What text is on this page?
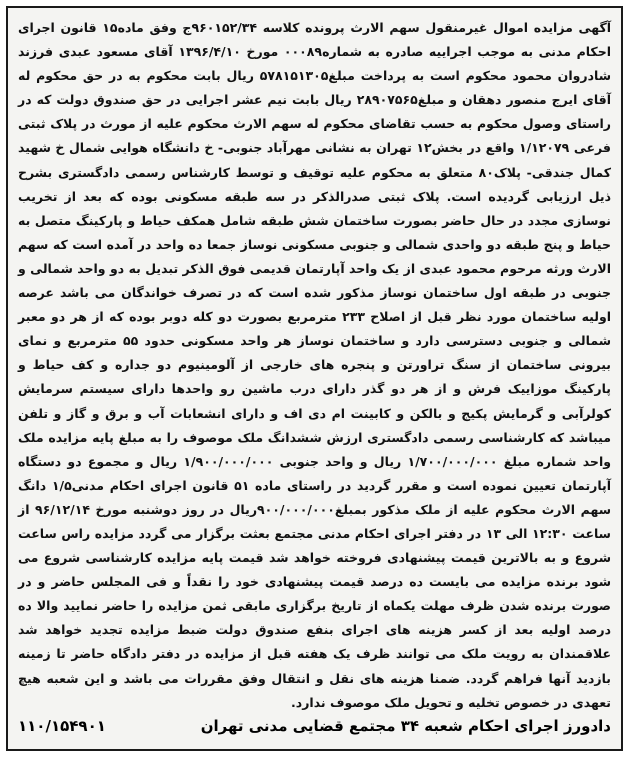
آگهی مزایده اموال غیرمنقول سهم الارث پرونده کلاسه ۹۶۰۱۵۲/۳۴ج وفق ماده۱۵ قانون اجرای احکام مدنی به موجب اجراییه صادره به شماره۰۰۰۸۹ مورخ ۱۳۹۶/۴/۱۰ آقای مسعود عبدی فرزند شادروان محمود محکوم است به پرداخت مبلغ۵۷۸۱۵۱۳۰۵ ریال بابت محکوم به در حق محکوم له آقای ایرج منصور دهقان و مبلغ۲۸۹۰۷۵۶۵ ریال بابت نیم عشر اجرایی در حق صندوق دولت که در راستای وصول محکوم به حسب تقاضای محکوم له سهم الارث محکوم علیه از مورث در پلاک ثبتی فرعی ۱/۱۲۰۷۹ واقع در بخش۱۲ تهران به نشانی مهرآباد جنوبی- خ دانشگاه هوایی شمال خ شهید کمال جندقی- پلاک۸۰ متعلق به محکوم علیه توقیف و توسط کارشناس رسمی دادگستری بشرح ذیل ارزیابی گردیده است. پلاک ثبتی صدرالذکر در سه طبقه مسکونی بوده که بعد از تخریب نوسازی مجدد در حال حاضر بصورت ساختمان شش طبقه شامل همکف حیاط و پارکینگ متصل به حیاط و پنج طبقه دو واحدی شمالی و جنوبی مسکونی نوساز جمعا ده واحد در آمده است که سهم الارث ورثه مرحوم محمود عبدی از یک واحد آپارتمان قدیمی فوق الذکر تبدیل به دو واحد شمالی و جنوبی در طبقه اول ساختمان نوساز مذکور شده است که در تصرف خواندگان می باشد عرصه اولیه ساختمان مورد نظر قبل از اصلاح ۲۳۳ مترمربع بصورت دو کله دوبر بوده که از هر دو معبر شمالی و جنوبی دسترسی دارد و ساختمان نوساز هر واحد مسکونی حدود ۵۵ مترمربع و نمای بیرونی ساختمان از سنگ تراورتن و پنجره های خارجی از آلومینیوم دو جداره و کف حیاط و پارکینگ موزاییک فرش و از هر دو گذر دارای درب ماشین رو واحدها دارای سیستم سرمایش کولرآبی و گرمایش پکیج و بالکن و کابینت ام دی اف و دارای انشعابات آب و برق و گاز و تلفن میباشد که کارشناسی رسمی دادگستری ارزش ششدانگ ملک موصوف را به مبلغ پایه مزایده ملک واحد شماره مبلغ ۱/۷۰۰/۰۰۰/۰۰۰ ریال و واحد جنوبی ۱/۹۰۰/۰۰۰/۰۰۰ ریال و مجموع دو دستگاه آپارتمان تعیین نموده است و مقرر گردید در راستای ماده ۵۱ قانون اجرای احکام مدنی۱/۵ دانگ سهم الارث محکوم علیه از ملک مذکور بمبلغ۹۰۰/۰۰۰/۰۰۰ریال در روز دوشنبه مورخ ۹۶/۱۲/۱۴ از ساعت ۱۲:۳۰ الی ۱۳ در دفتر اجرای احکام مدنی مجتمع بعثت برگزار می گردد مزایده راس ساعت شروع و به بالاترین قیمت پیشنهادی فروخته خواهد شد قیمت پایه مزایده کارشناسی شروع می شود برنده مزایده می بایست ده درصد قیمت پیشنهادی خود را نقداً و فی المجلس حاضر و در صورت برنده شدن ظرف مهلت یکماه از تاریخ برگزاری مابقی ثمن مزایده را حاضر نمایید والا ده درصد اولیه بعد از کسر هزینه های اجرای بنفع صندوق دولت ضبط مزایده تجدید خواهد شد علاقمندان به رویت ملک می توانند ظرف یک هفته قبل از مزایده در دفتر دادگاه حاضر تا زمینه بازدید آنها فراهم گردد. ضمنا هزینه های نقل و انتقال وفق مقررات می باشد و این شعبه هیچ تعهدی در خصوص تخلیه و تحویل ملک موصوف ندارد.

دادورز اجرای احکام شعبه ۳۴ مجتمع قضایی مدنی تهران
۱۱۰/۱۵۴۹۰۱
